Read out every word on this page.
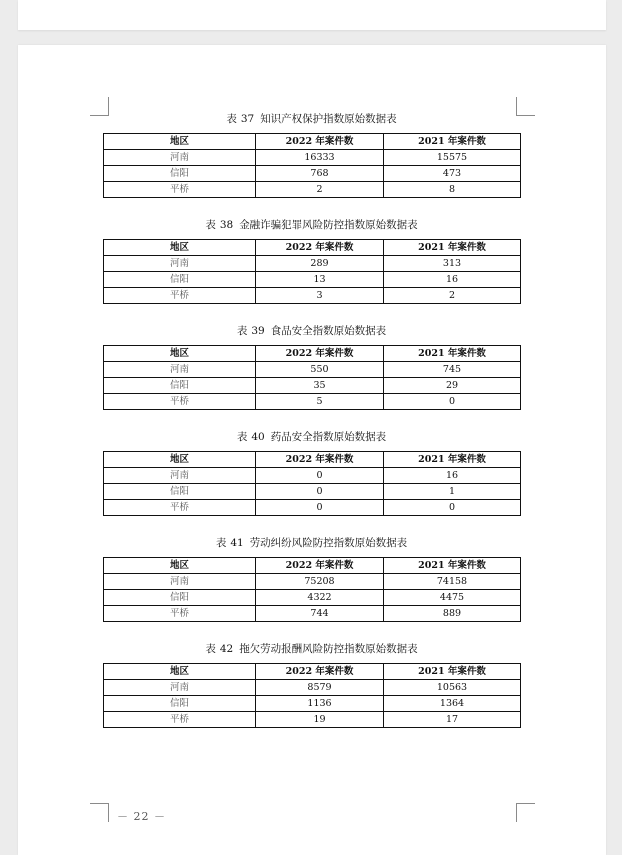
表 37 知识产权保护指数原始数据表
地区	2022 年案件数	2021 年案件数
河南	16333	15575
信阳	768	473
平桥	2	8
表 38 金融诈骗犯罪风险防控指数原始数据表
地区	2022 年案件数	2021 年案件数
河南	289	313
信阳	13	16
平桥	3	2
表 39 食品安全指数原始数据表
地区	2022 年案件数	2021 年案件数
河南	550	745
信阳	35	29
平桥	5	0
表 40 药品安全指数原始数据表
地区	2022 年案件数	2021 年案件数
河南	0	16
信阳	0	1
平桥	0	0
表 41 劳动纠纷风险防控指数原始数据表
地区	2022 年案件数	2021 年案件数
河南	75208	74158
信阳	4322	4475
平桥	744	889
表 42 拖欠劳动报酬风险防控指数原始数据表
地区	2022 年案件数	2021 年案件数
河南	8579	10563
信阳	1136	1364
平桥	19	17
－ 22 －
